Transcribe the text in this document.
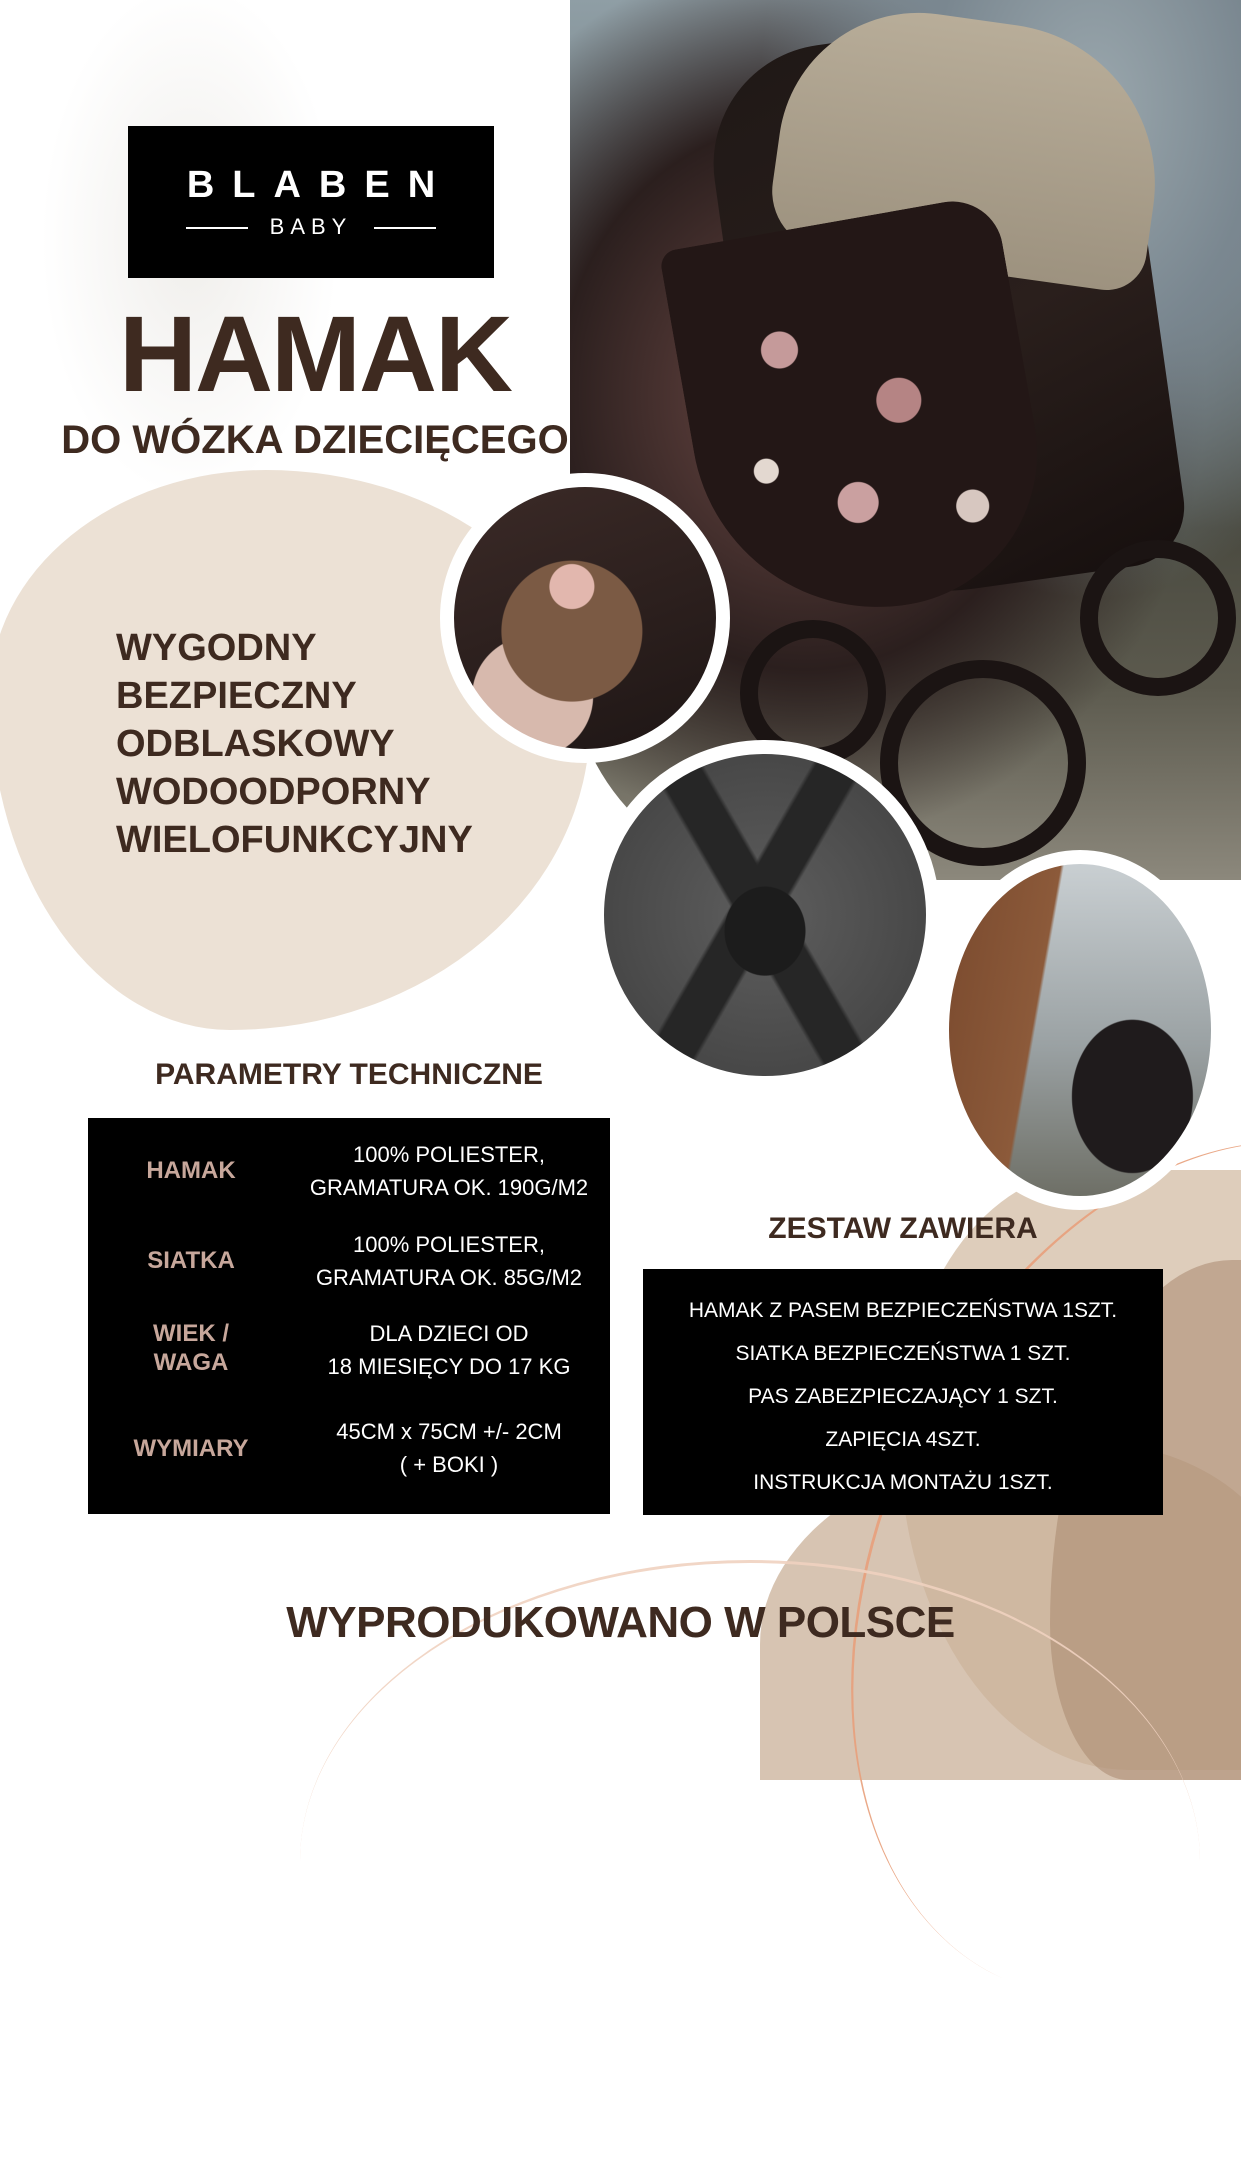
BLABEN
BABY
HAMAK
DO WÓZKA DZIECIĘCEGO

WYGODNY

BEZPIECZNY

ODBLASKOWY

WODOODPORNY

WIELOFUNKCYJNY

PARAMETRY TECHNICZNE
HAMAK
100% POLIESTER,
GRAMATURA OK. 190G/M2
SIATKA
100% POLIESTER,
GRAMATURA OK. 85G/M2
WIEK /
WAGA
DLA DZIECI OD
18 MIESIĘCY DO 17 KG
WYMIARY
45CM x 75CM +/- 2CM
( + BOKI )
ZESTAW ZAWIERA
HAMAK Z PASEM BEZPIECZEŃSTWA 1SZT.
SIATKA BEZPIECZEŃSTWA 1 SZT.
PAS ZABEZPIECZAJĄCY 1 SZT.
ZAPIĘCIA 4SZT.
INSTRUKCJA MONTAŻU 1SZT.
WYPRODUKOWANO W POLSCE
